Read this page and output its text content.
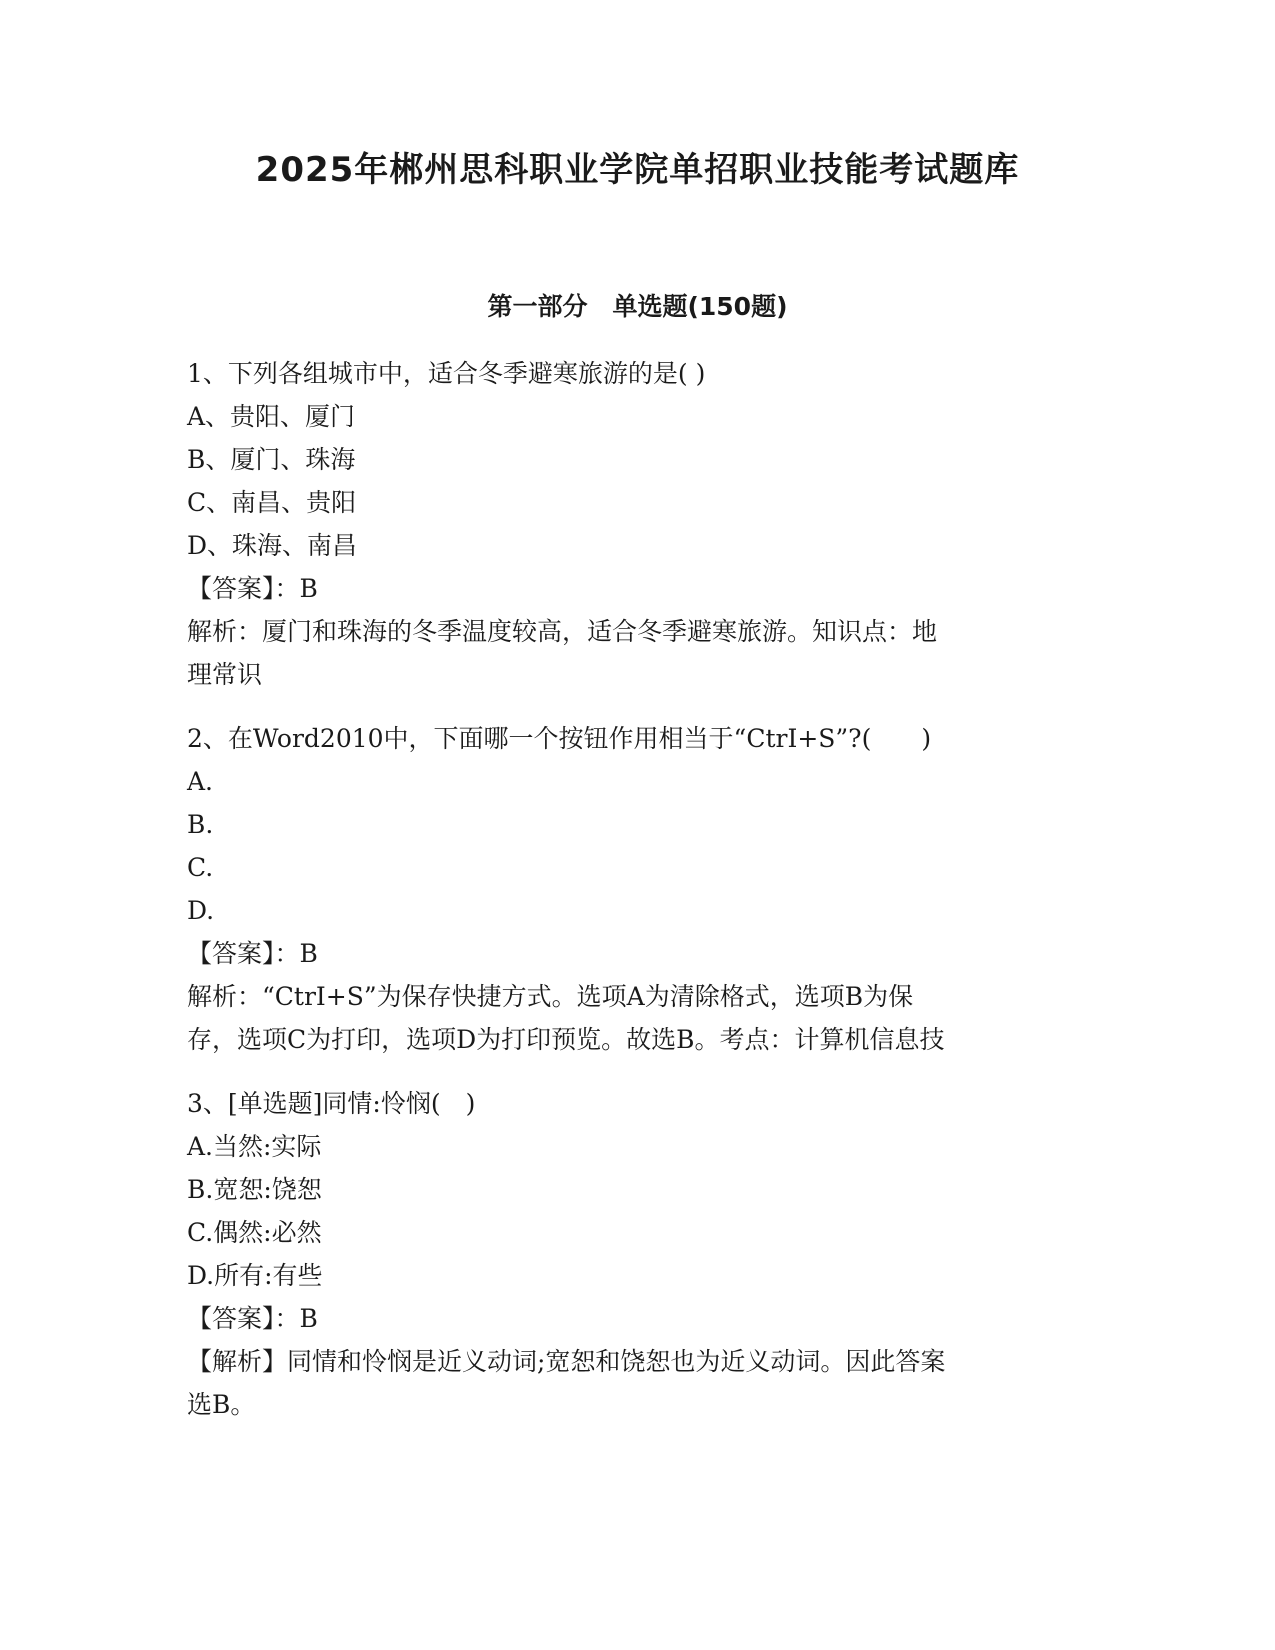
2025年郴州思科职业学院单招职业技能考试题库
第一部分　单选题(150题)

1、下列各组城市中，适合冬季避寒旅游的是( )

A、贵阳、厦门

B、厦门、珠海

C、南昌、贵阳

D、珠海、南昌

【答案】：B

解析：厦门和珠海的冬季温度较高，适合冬季避寒旅游。知识点：地

理常识

2、在Word2010中，下面哪一个按钮作用相当于“CtrI+S”?(　　)

A.

B.

C.

D.

【答案】：B

解析：“CtrI+S”为保存快捷方式。选项A为清除格式，选项B为保

存，选项C为打印，选项D为打印预览。故选B。考点：计算机信息技

3、[单选题]同情:怜悯(　)

A.当然:实际

B.宽恕:饶恕

C.偶然:必然

D.所有:有些

【答案】：B

【解析】同情和怜悯是近义动词;宽恕和饶恕也为近义动词。因此答案

选B。
